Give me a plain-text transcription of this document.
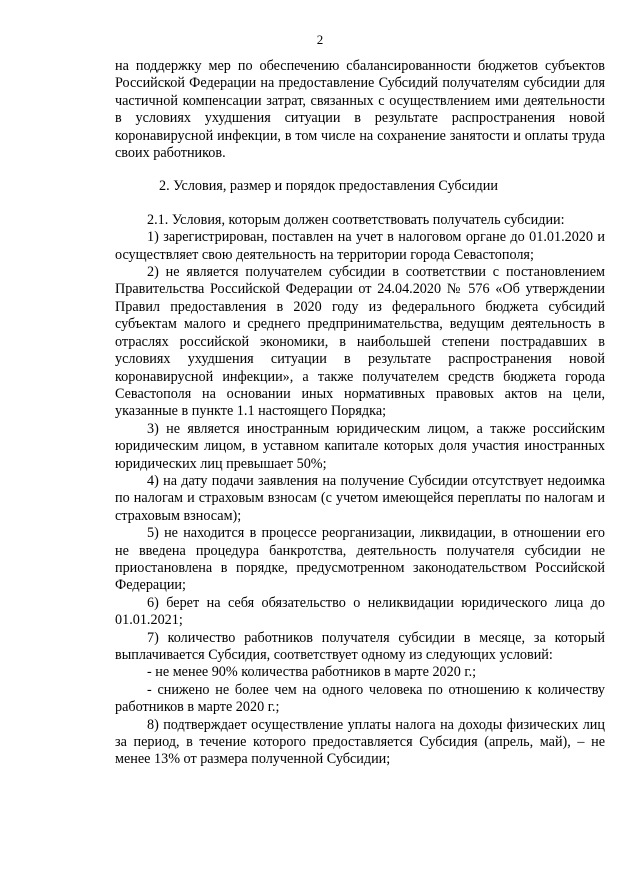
2

на поддержку мер по обеспечению сбалансированности бюджетов субъектов Российской Федерации на предоставление Субсидий получателям субсидии для частичной компенсации затрат, связанных с осуществлением ими деятельности в условиях ухудшения ситуации в результате распространения новой коронавирусной инфекции, в том числе на сохранение занятости и оплаты труда своих работников.

2. Условия, размер и порядок предоставления Субсидии

2.1. Условия, которым должен соответствовать получатель субсидии:

1) зарегистрирован, поставлен на учет в налоговом органе до 01.01.2020 и осуществляет свою деятельность на территории города Севастополя;

2) не является получателем субсидии в соответствии с постановлением Правительства Российской Федерации от 24.04.2020 № 576 «Об утверждении Правил предоставления в 2020 году из федерального бюджета субсидий субъектам малого и среднего предпринимательства, ведущим деятельность в отраслях российской экономики, в наибольшей степени пострадавших в условиях ухудшения ситуации в результате распространения новой коронавирусной инфекции», а также получателем средств бюджета города Севастополя на основании иных нормативных правовых актов на цели, указанные в пункте 1.1 настоящего Порядка;

3) не является иностранным юридическим лицом, а также российским юридическим лицом, в уставном капитале которых доля участия иностранных юридических лиц превышает 50%;

4) на дату подачи заявления на получение Субсидии отсутствует недоимка по налогам и страховым взносам (с учетом имеющейся переплаты по налогам и страховым взносам);

5) не находится в процессе реорганизации, ликвидации, в отношении его не введена процедура банкротства, деятельность получателя субсидии не приостановлена в порядке, предусмотренном законодательством Российской Федерации;

6) берет на себя обязательство о неликвидации юридического лица до 01.01.2021;

7) количество работников получателя субсидии в месяце, за который выплачивается Субсидия, соответствует одному из следующих условий:

- не менее 90% количества работников в марте 2020 г.;

- снижено не более чем на одного человека по отношению к количеству работников в марте 2020 г.;

8) подтверждает осуществление уплаты налога на доходы физических лиц за период, в течение которого предоставляется Субсидия (апрель, май), – не менее 13% от размера полученной Субсидии;
